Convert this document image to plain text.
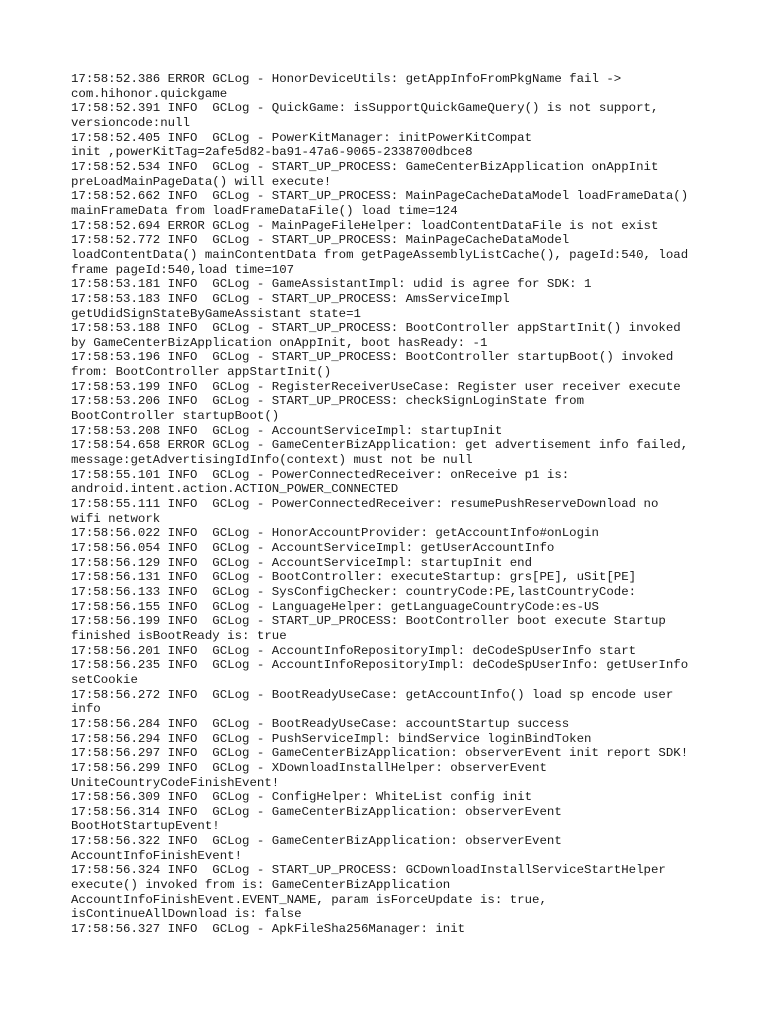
17:58:52.386 ERROR GCLog - HonorDeviceUtils: getAppInfoFromPkgName fail ->
com.hihonor.quickgame
17:58:52.391 INFO  GCLog - QuickGame: isSupportQuickGameQuery() is not support,
versioncode:null
17:58:52.405 INFO  GCLog - PowerKitManager: initPowerKitCompat
init ,powerKitTag=2afe5d82-ba91-47a6-9065-2338700dbce8
17:58:52.534 INFO  GCLog - START_UP_PROCESS: GameCenterBizApplication onAppInit
preLoadMainPageData() will execute!
17:58:52.662 INFO  GCLog - START_UP_PROCESS: MainPageCacheDataModel loadFrameData()
mainFrameData from loadFrameDataFile() load time=124
17:58:52.694 ERROR GCLog - MainPageFileHelper: loadContentDataFile is not exist
17:58:52.772 INFO  GCLog - START_UP_PROCESS: MainPageCacheDataModel
loadContentData() mainContentData from getPageAssemblyListCache(), pageId:540, load
frame pageId:540,load time=107
17:58:53.181 INFO  GCLog - GameAssistantImpl: udid is agree for SDK: 1
17:58:53.183 INFO  GCLog - START_UP_PROCESS: AmsServiceImpl
getUdidSignStateByGameAssistant state=1
17:58:53.188 INFO  GCLog - START_UP_PROCESS: BootController appStartInit() invoked
by GameCenterBizApplication onAppInit, boot hasReady: -1
17:58:53.196 INFO  GCLog - START_UP_PROCESS: BootController startupBoot() invoked
from: BootController appStartInit()
17:58:53.199 INFO  GCLog - RegisterReceiverUseCase: Register user receiver execute
17:58:53.206 INFO  GCLog - START_UP_PROCESS: checkSignLoginState from
BootController startupBoot()
17:58:53.208 INFO  GCLog - AccountServiceImpl: startupInit
17:58:54.658 ERROR GCLog - GameCenterBizApplication: get advertisement info failed,
message:getAdvertisingIdInfo(context) must not be null
17:58:55.101 INFO  GCLog - PowerConnectedReceiver: onReceive p1 is:
android.intent.action.ACTION_POWER_CONNECTED
17:58:55.111 INFO  GCLog - PowerConnectedReceiver: resumePushReserveDownload no
wifi network
17:58:56.022 INFO  GCLog - HonorAccountProvider: getAccountInfo#onLogin
17:58:56.054 INFO  GCLog - AccountServiceImpl: getUserAccountInfo
17:58:56.129 INFO  GCLog - AccountServiceImpl: startupInit end
17:58:56.131 INFO  GCLog - BootController: executeStartup: grs[PE], uSit[PE]
17:58:56.133 INFO  GCLog - SysConfigChecker: countryCode:PE,lastCountryCode:
17:58:56.155 INFO  GCLog - LanguageHelper: getLanguageCountryCode:es-US
17:58:56.199 INFO  GCLog - START_UP_PROCESS: BootController boot execute Startup
finished isBootReady is: true
17:58:56.201 INFO  GCLog - AccountInfoRepositoryImpl: deCodeSpUserInfo start
17:58:56.235 INFO  GCLog - AccountInfoRepositoryImpl: deCodeSpUserInfo: getUserInfo
setCookie
17:58:56.272 INFO  GCLog - BootReadyUseCase: getAccountInfo() load sp encode user
info
17:58:56.284 INFO  GCLog - BootReadyUseCase: accountStartup success
17:58:56.294 INFO  GCLog - PushServiceImpl: bindService loginBindToken
17:58:56.297 INFO  GCLog - GameCenterBizApplication: observerEvent init report SDK!
17:58:56.299 INFO  GCLog - XDownloadInstallHelper: observerEvent
UniteCountryCodeFinishEvent!
17:58:56.309 INFO  GCLog - ConfigHelper: WhiteList config init
17:58:56.314 INFO  GCLog - GameCenterBizApplication: observerEvent
BootHotStartupEvent!
17:58:56.322 INFO  GCLog - GameCenterBizApplication: observerEvent
AccountInfoFinishEvent!
17:58:56.324 INFO  GCLog - START_UP_PROCESS: GCDownloadInstallServiceStartHelper
execute() invoked from is: GameCenterBizApplication
AccountInfoFinishEvent.EVENT_NAME, param isForceUpdate is: true,
isContinueAllDownload is: false
17:58:56.327 INFO  GCLog - ApkFileSha256Manager: init
